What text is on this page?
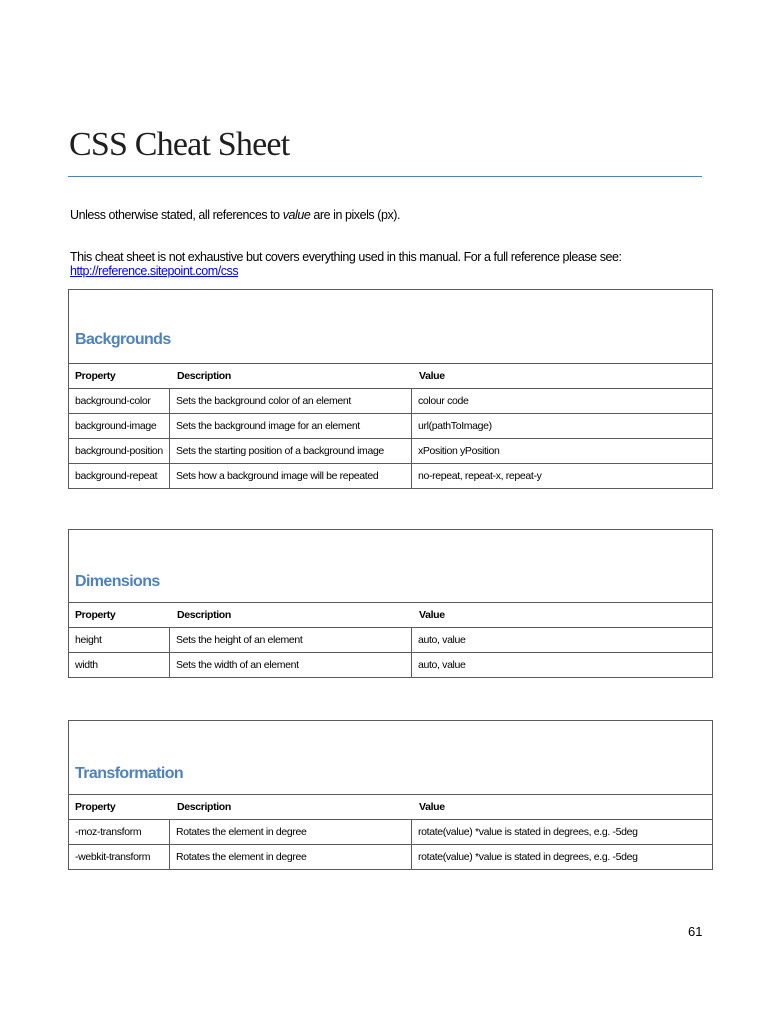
CSS Cheat Sheet

Unless otherwise stated, all references to value are in pixels (px).

This cheat sheet is not exhaustive but covers everything used in this manual. For a full reference please see: http://reference.sitepoint.com/css

Backgrounds
Property	Description	Value
background-color	Sets the background color of an element	colour code
background-image	Sets the background image for an element	url(pathToImage)
background-position	Sets the starting position of a background image	xPosition yPosition
background-repeat	Sets how a background image will be repeated	no-repeat, repeat-x, repeat-y
Dimensions
Property	Description	Value
height	Sets the height of an element	auto, value
width	Sets the width of an element	auto, value
Transformation
Property	Description	Value
-moz-transform	Rotates the element in degree	rotate(value) *value is stated in degrees, e.g. -5deg
-webkit-transform	Rotates the element in degree	rotate(value) *value is stated in degrees, e.g. -5deg
61
